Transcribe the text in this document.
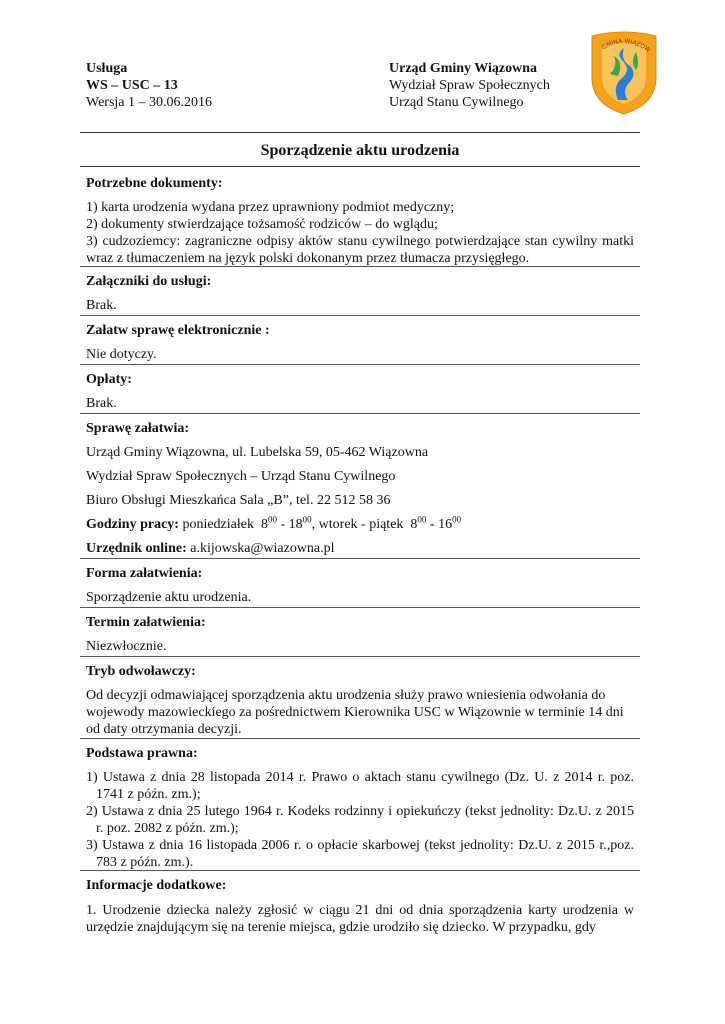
Usługa

WS – USC – 13

Wersja 1 – 30.06.2016

Urząd Gminy Wiązowna

Wydział Spraw Społecznych

Urząd Stanu Cywilnego

GMINA WIĄZOW
Sporządzenie aktu urodzenia
Potrzebne dokumenty:
1) karta urodzenia wydana przez uprawniony podmiot medyczny;
2) dokumenty stwierdzające tożsamość rodziców – do wglądu;
3) cudzoziemcy: zagraniczne odpisy aktów stanu cywilnego potwierdzające stan cywilny matki wraz z tłumaczeniem na język polski dokonanym przez tłumacza przysięgłego.
Załączniki do usługi:
Brak.
Załatw sprawę elektronicznie :
Nie dotyczy.
Opłaty:
Brak.
Sprawę załatwia:
Urząd Gminy Wiązowna, ul. Lubelska 59, 05-462 Wiązowna
Wydział Spraw Społecznych – Urząd Stanu Cywilnego
Biuro Obsługi Mieszkańca Sala „B”, tel. 22 512 58 36
Godziny pracy: poniedziałek $8^{00} - 18^{00}$, wtorek - piątek $8^{00} - 16^{00}$
Urzędnik online: a.kijowska@wiazowna.pl
Forma załatwienia:
Sporządzenie aktu urodzenia.
Termin załatwienia:
Niezwłocznie.
Tryb odwoławczy:
Od decyzji odmawiającej sporządzenia aktu urodzenia służy prawo wniesienia odwołania do wojewody mazowieckiego za pośrednictwem Kierownika USC w Wiązownie w terminie 14 dni od daty otrzymania decyzji.
Podstawa prawna:
1) Ustawa z dnia 28 listopada 2014 r. Prawo o aktach stanu cywilnego (Dz. U. z 2014 r. poz. 1741 z późn. zm.);
2) Ustawa z dnia 25 lutego 1964 r. Kodeks rodzinny i opiekuńczy (tekst jednolity: Dz.U. z 2015 r. poz. 2082 z późn. zm.);
3) Ustawa z dnia 16 listopada 2006 r. o opłacie skarbowej (tekst jednolity: Dz.U. z 2015 r.,poz. 783 z późn. zm.).
Informacje dodatkowe:
1. Urodzenie dziecka należy zgłosić w ciągu 21 dni od dnia sporządzenia karty urodzenia w urzędzie znajdującym się na terenie miejsca, gdzie urodziło się dziecko. W przypadku, gdy
